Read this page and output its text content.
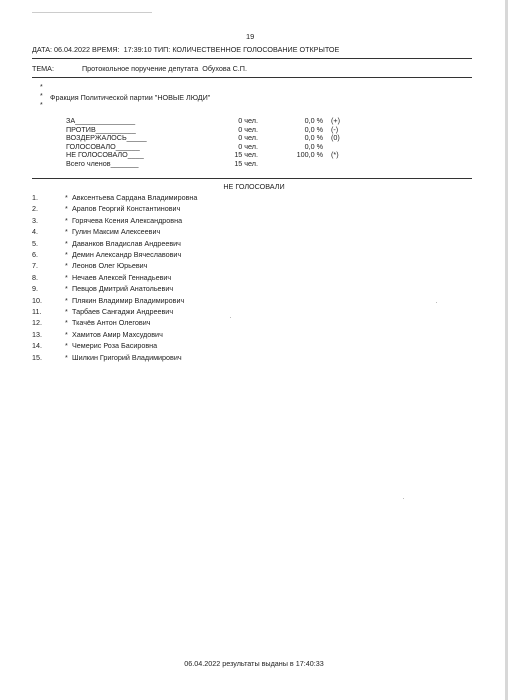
19
ДАТА: 06.04.2022 ВРЕМЯ: 17:39:10 ТИП: КОЛИЧЕСТВЕННОЕ ГОЛОСОВАНИЕ ОТКРЫТОЕ
ТЕМА:	Протокольное поручение депутата  Обухова С.П.
*
* Фракция Политической партии "НОВЫЕ ЛЮДИ"
*
ЗА_______________	0 чел.	0,0 % (+)
ПРОТИВ__________	0 чел.	0,0 % (-)
ВОЗДЕРЖАЛОСЬ_____	0 чел.	0,0 % (0)
ГОЛОСОВАЛО______	0 чел.	0,0 %
НЕ ГОЛОСОВАЛО____	15 чел.	100,0 % (*)
Всего членов_______	15 чел.
НЕ ГОЛОСОВАЛИ
1.	* Авксентьева Сардана Владимировна
2.	* Арапов Георгий Константинович
3.	* Горячева Ксения Александровна
4.	* Гулин Максим Алексеевич
5.	* Даванков Владислав Андреевич
6.	* Демин Александр Вячеславович
7.	* Леонов Олег Юрьевич
8.	* Нечаев Алексей Геннадьевич
9.	* Певцов Дмитрий Анатольевич
10.	* Плякин Владимир Владимирович
11.	* Тарбаев Сангаджи Андреевич
12.	* Ткачёв Антон Олегович
13.	* Хамитов Амир Махсудович
14.	* Чемерис Роза Басировна
15.	* Шилкин Григорий Владимирович
06.04.2022 результаты выданы в 17:40:33
